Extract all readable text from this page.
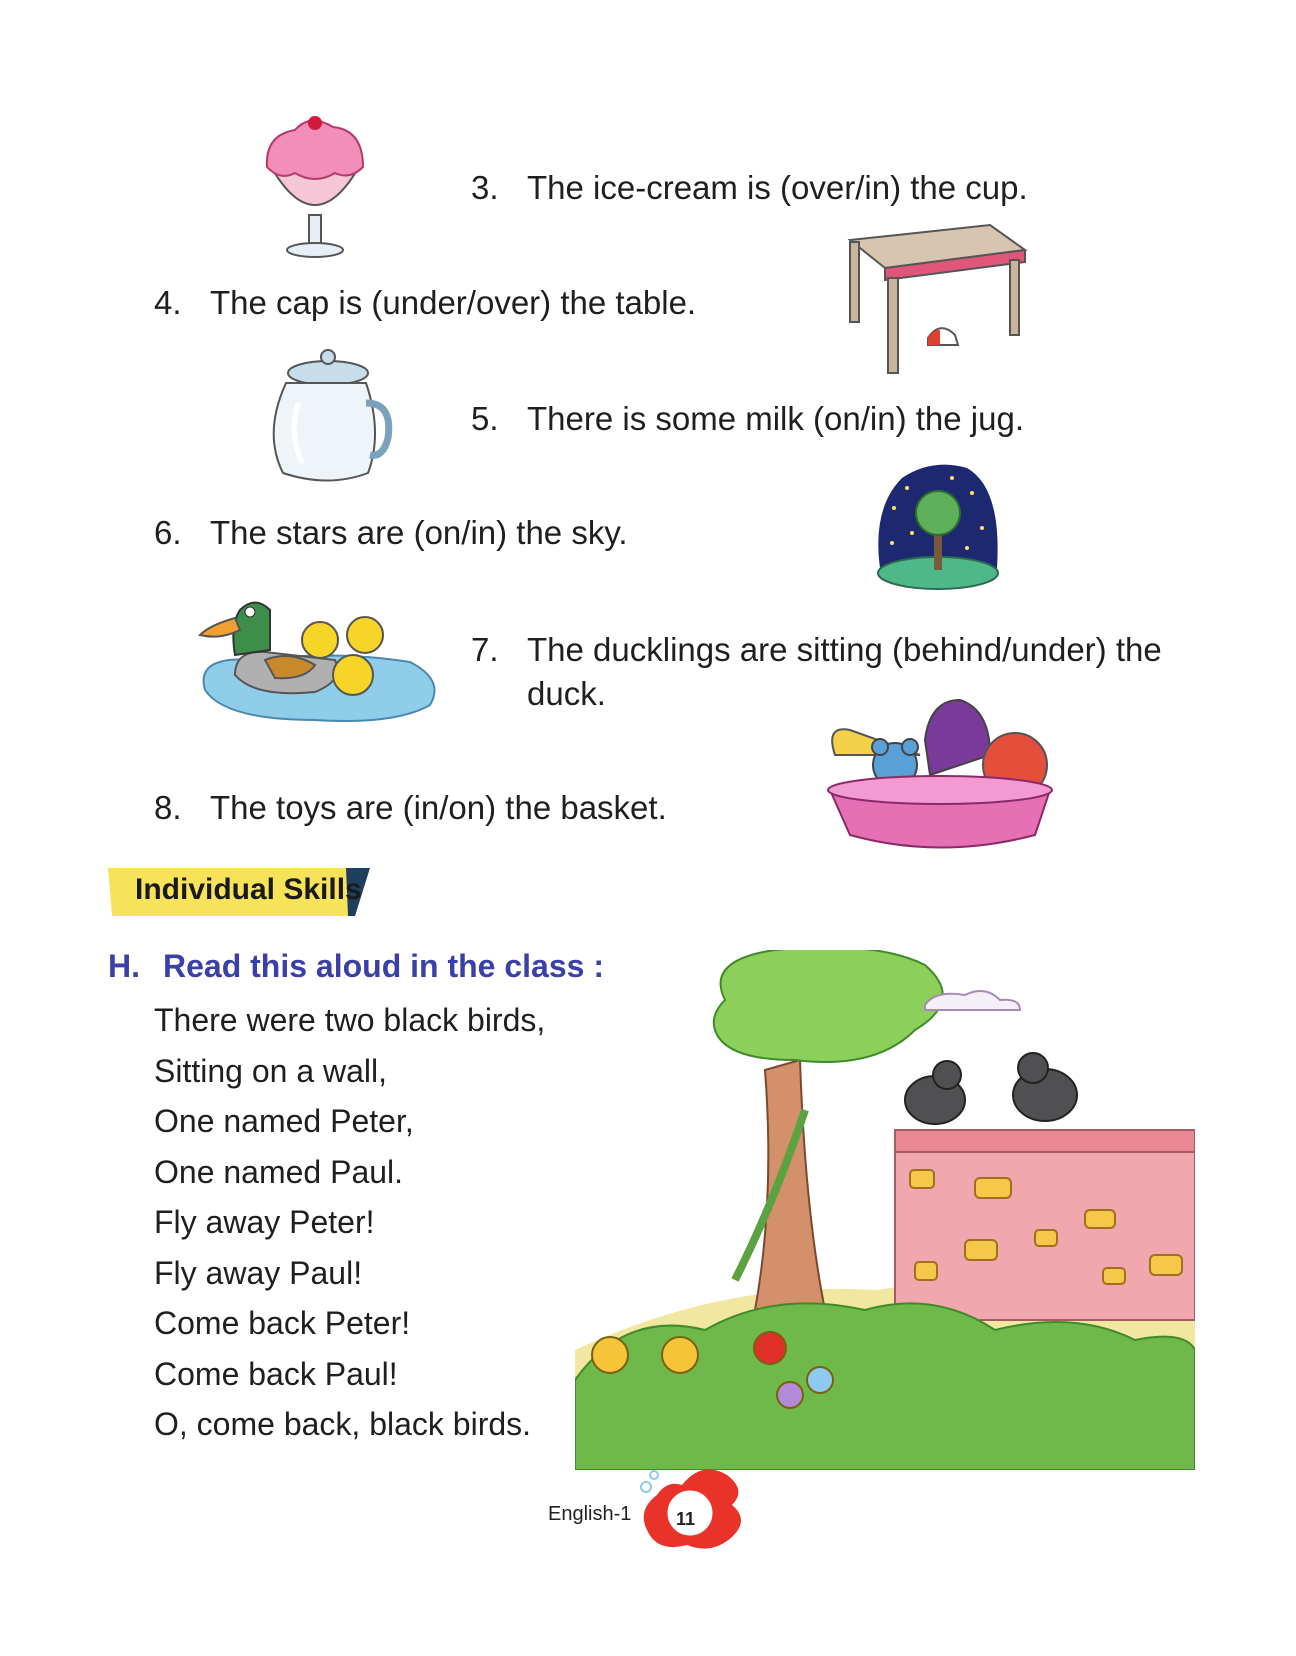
3. The ice-cream is (over/in) the cup.
4. The cap is (under/over) the table.
5. There is some milk (on/in) the jug.
6. The stars are (on/in) the sky.
7. The ducklings are sitting (behind/under) the
duck.
8. The toys are (in/on) the basket.
Individual Skills
H. Read this aloud in the class :
There were two black birds,
Sitting on a wall,
One named Peter,
One named Paul.
Fly away Peter!
Fly away Paul!
Come back Peter!
Come back Paul!
O, come back, black birds.
English-1 11
